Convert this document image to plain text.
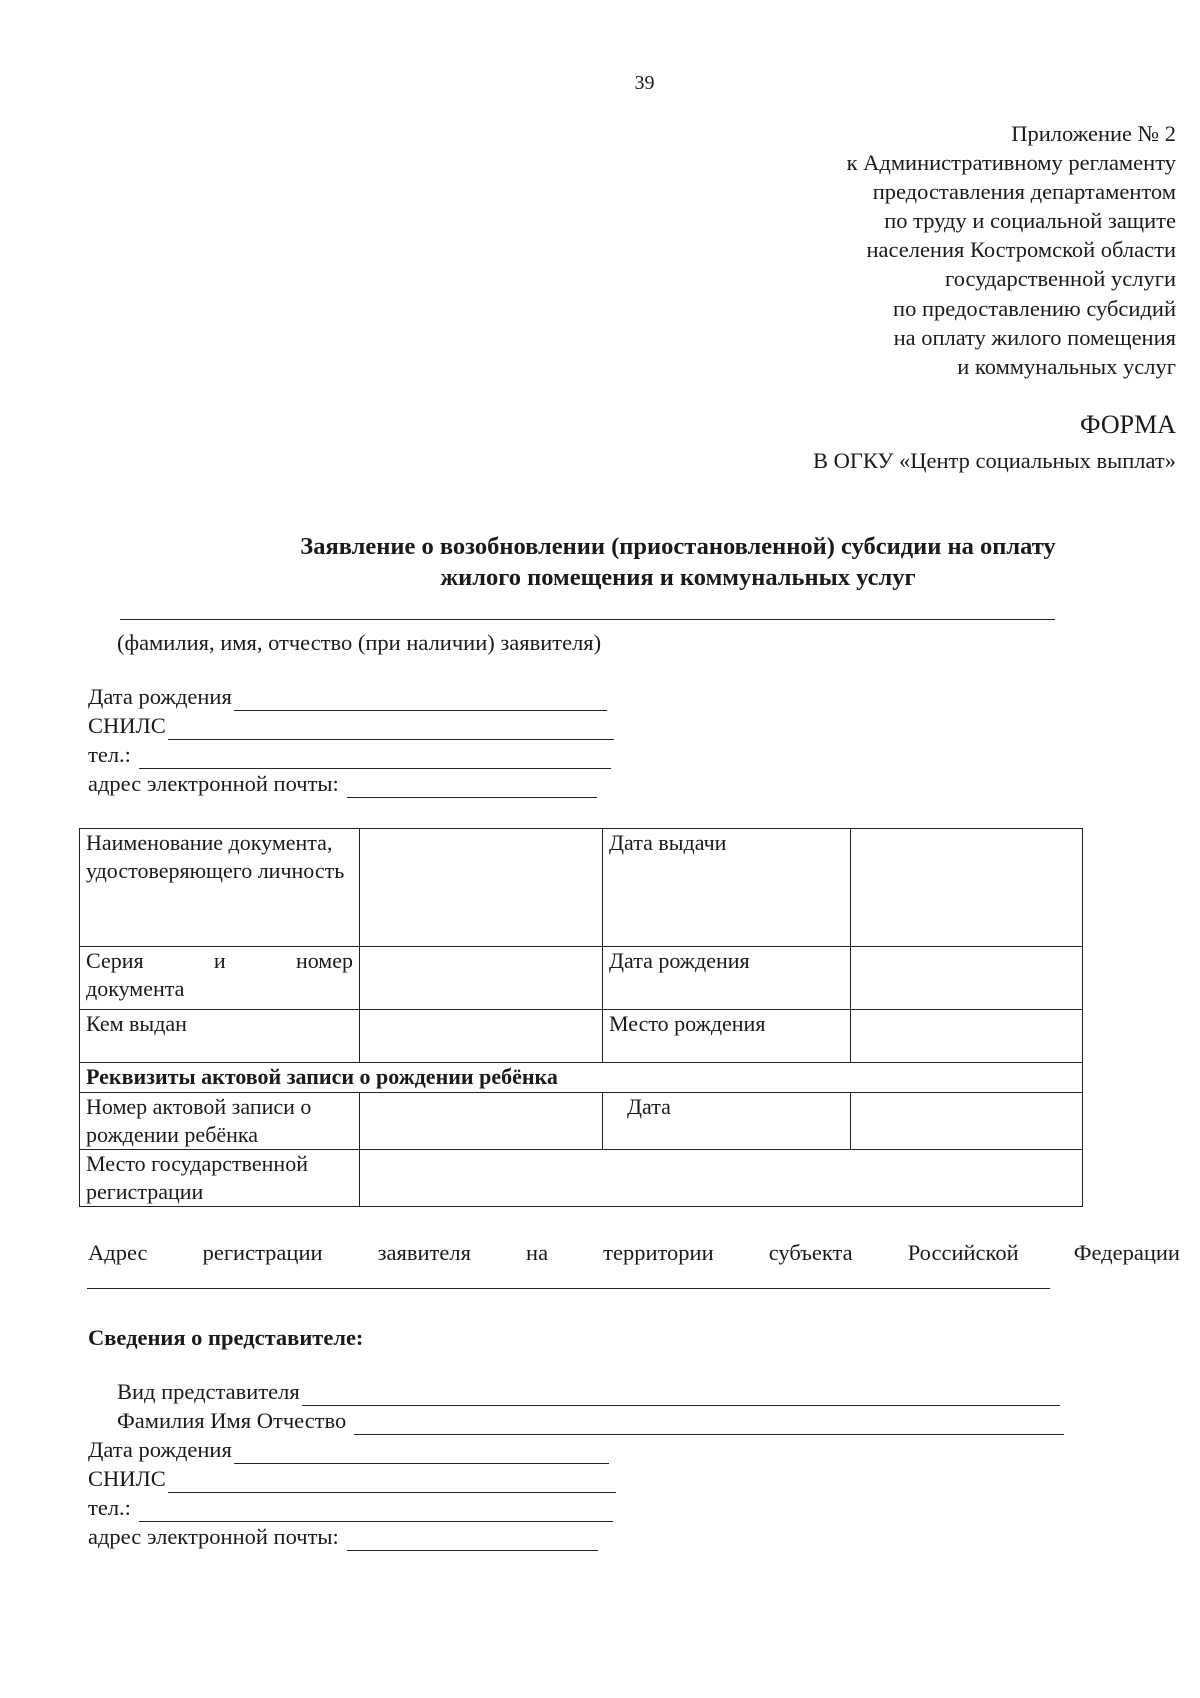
39
Приложение № 2
к Административному регламенту
предоставления департаментом
по труду и социальной защите
населения Костромской области
государственной услуги
по предоставлению субсидий
на оплату жилого помещения
и коммунальных услуг
ФОРМА
В ОГКУ «Центр социальных выплат»
Заявление о возобновлении (приостановленной) субсидии на оплату
жилого помещения и коммунальных услуг
(фамилия, имя, отчество (при наличии) заявителя)
Дата рождения
СНИЛС
тел.:
адрес электронной почты:
Наименование документа, удостоверяющего личность		Дата выдачи	

Серия и номер
документа		Дата рождения	
Кем выдан		Место рождения	
Реквизиты актовой записи о рождении ребёнка			
Номер актовой записи о рождении ребёнка		Дата	
Место государственной регистрации			
Адрес регистрации заявителя на территории субъекта Российской Федерации
Сведения о представителе:
Вид представителя
Фамилия Имя Отчество
Дата рождения
СНИЛС
тел.:
адрес электронной почты:
